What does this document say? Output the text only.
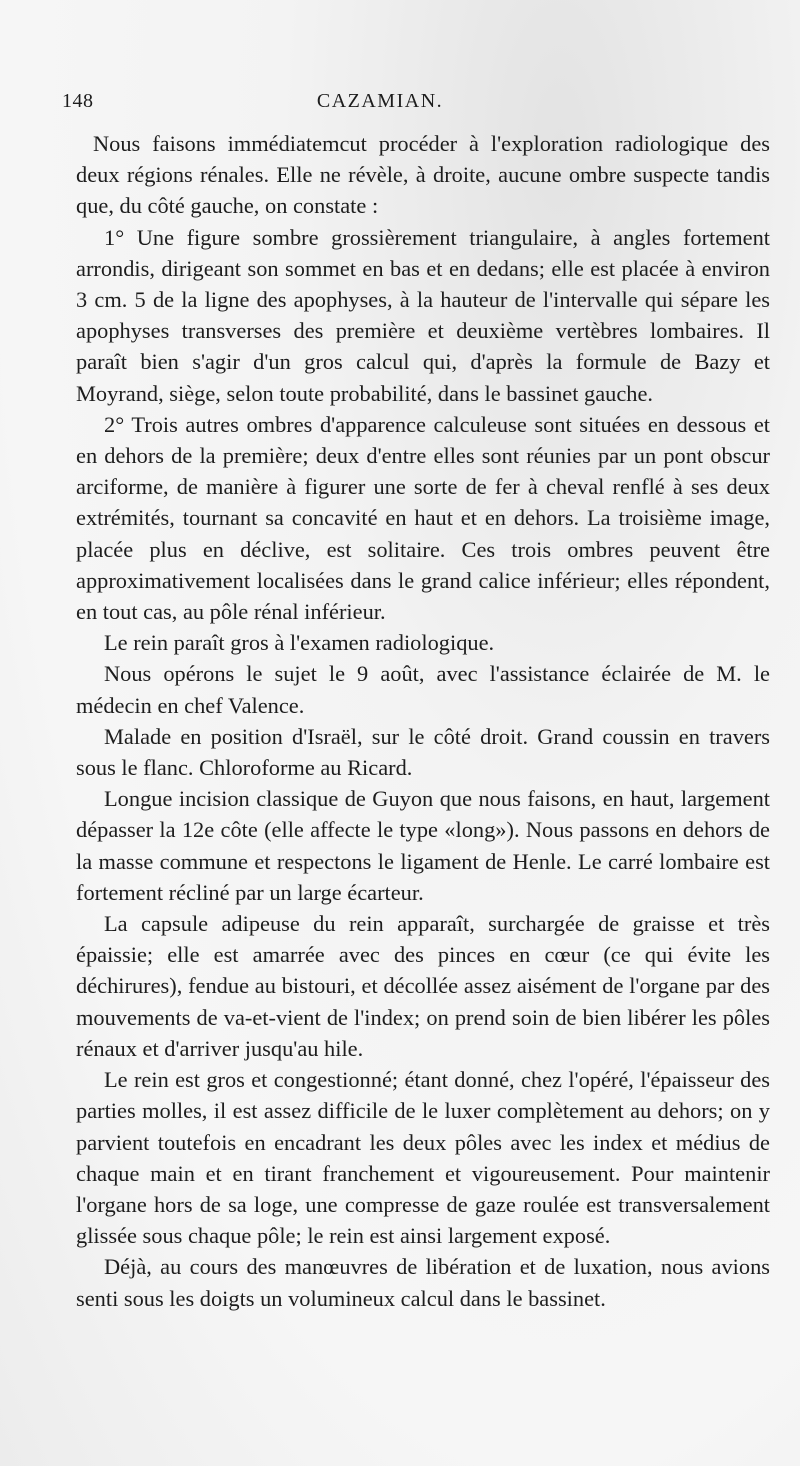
148	CAZAMIAN.

Nous faisons immédiatemcut procéder à l'exploration radiologique des deux régions rénales. Elle ne révèle, à droite, aucune ombre suspecte tandis que, du côté gauche, on constate :

1° Une figure sombre grossièrement triangulaire, à angles fortement arrondis, dirigeant son sommet en bas et en dedans; elle est placée à environ 3 cm. 5 de la ligne des apophyses, à la hauteur de l'intervalle qui sépare les apophyses transverses des première et deuxième vertèbres lombaires. Il paraît bien s'agir d'un gros calcul qui, d'après la formule de Bazy et Moyrand, siège, selon toute probabilité, dans le bassinet gauche.

2° Trois autres ombres d'apparence calculeuse sont situées en dessous et en dehors de la première; deux d'entre elles sont réunies par un pont obscur arciforme, de manière à figurer une sorte de fer à cheval renflé à ses deux extrémités, tournant sa concavité en haut et en dehors. La troisième image, placée plus en déclive, est solitaire. Ces trois ombres peuvent être approximativement localisées dans le grand calice inférieur; elles répondent, en tout cas, au pôle rénal inférieur.

Le rein paraît gros à l'examen radiologique.

Nous opérons le sujet le 9 août, avec l'assistance éclairée de M. le médecin en chef Valence.

Malade en position d'Israël, sur le côté droit. Grand coussin en travers sous le flanc. Chloroforme au Ricard.

Longue incision classique de Guyon que nous faisons, en haut, largement dépasser la 12e côte (elle affecte le type «long»). Nous passons en dehors de la masse commune et respectons le ligament de Henle. Le carré lombaire est fortement récliné par un large écarteur.

La capsule adipeuse du rein apparaît, surchargée de graisse et très épaissie; elle est amarrée avec des pinces en cœur (ce qui évite les déchirures), fendue au bistouri, et décollée assez aisément de l'organe par des mouvements de va-et-vient de l'index; on prend soin de bien libérer les pôles rénaux et d'arriver jusqu'au hile.

Le rein est gros et congestionné; étant donné, chez l'opéré, l'épaisseur des parties molles, il est assez difficile de le luxer complètement au dehors; on y parvient toutefois en encadrant les deux pôles avec les index et médius de chaque main et en tirant franchement et vigoureusement. Pour maintenir l'organe hors de sa loge, une compresse de gaze roulée est transversalement glissée sous chaque pôle; le rein est ainsi largement exposé.

Déjà, au cours des manœuvres de libération et de luxation, nous avions senti sous les doigts un volumineux calcul dans le bassinet.
